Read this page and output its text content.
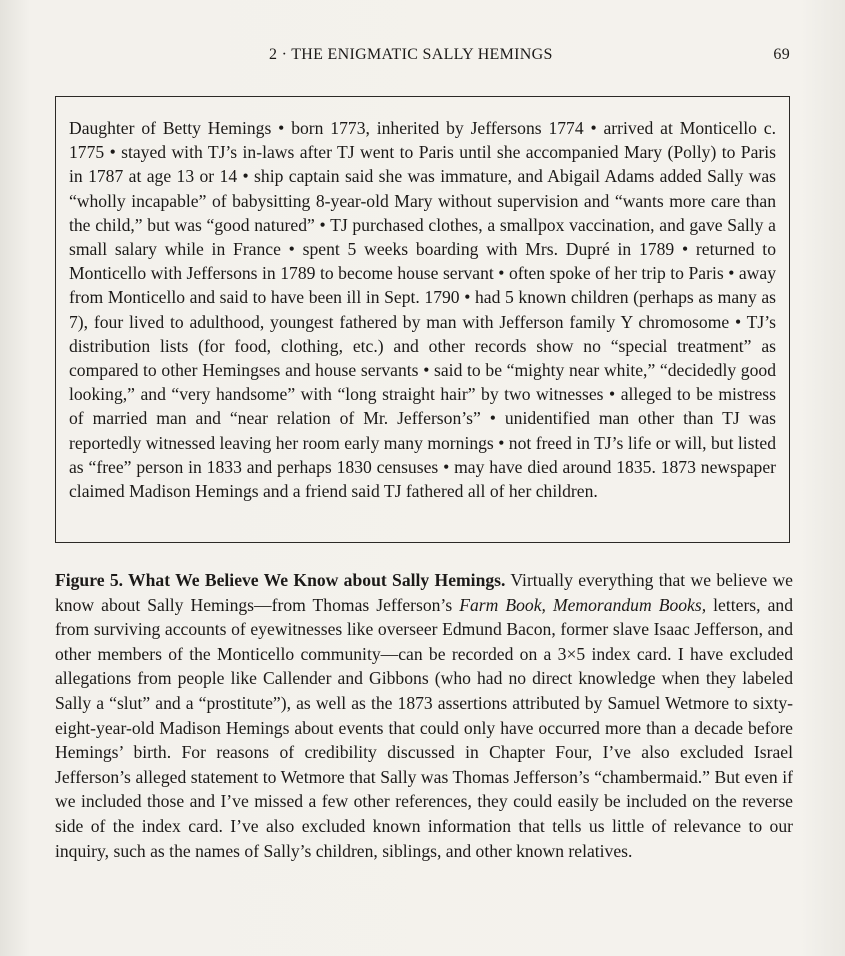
2 · THE ENIGMATIC SALLY HEMINGS	69

Daughter of Betty Hemings • born 1773, inherited by Jeffersons 1774 • arrived at Monticello c. 1775 • stayed with TJ’s in-laws after TJ went to Paris until she accompanied Mary (Polly) to Paris in 1787 at age 13 or 14 • ship captain said she was immature, and Abigail Adams added Sally was “wholly incapable” of babysitting 8-year-old Mary without supervision and “wants more care than the child,” but was “good natured” • TJ purchased clothes, a smallpox vaccination, and gave Sally a small salary while in France • spent 5 weeks boarding with Mrs. Dupré in 1789 • returned to Monticello with Jeffersons in 1789 to become house servant • often spoke of her trip to Paris • away from Monticello and said to have been ill in Sept. 1790 • had 5 known children (perhaps as many as 7), four lived to adulthood, youngest fathered by man with Jefferson family Y chromosome • TJ’s distribution lists (for food, clothing, etc.) and other records show no “special treatment” as compared to other Hemingses and house servants • said to be “mighty near white,” “decidedly good looking,” and “very handsome” with “long straight hair” by two witnesses • alleged to be mistress of married man and “near relation of Mr. Jefferson’s” • unidentified man other than TJ was reportedly witnessed leaving her room early many mornings • not freed in TJ’s life or will, but listed as “free” person in 1833 and perhaps 1830 censuses • may have died around 1835. 1873 newspaper claimed Madison Hemings and a friend said TJ fathered all of her children.

Figure 5. What We Believe We Know about Sally Hemings. Virtually everything that we believe we know about Sally Hemings—from Thomas Jefferson’s Farm Book, Memorandum Books, letters, and from surviving accounts of eyewitnesses like overseer Edmund Bacon, former slave Isaac Jefferson, and other members of the Monticello community—can be recorded on a 3×5 index card. I have excluded allegations from people like Callender and Gibbons (who had no direct knowledge when they labeled Sally a “slut” and a “prostitute”), as well as the 1873 assertions attributed by Samuel Wetmore to sixty-eight-year-old Madison Hemings about events that could only have occurred more than a decade before Hemings’ birth. For reasons of credibility discussed in Chapter Four, I’ve also excluded Israel Jefferson’s alleged statement to Wetmore that Sally was Thomas Jefferson’s “chambermaid.” But even if we included those and I’ve missed a few other references, they could easily be included on the reverse side of the index card. I’ve also excluded known information that tells us little of relevance to our inquiry, such as the names of Sally’s children, siblings, and other known relatives.
